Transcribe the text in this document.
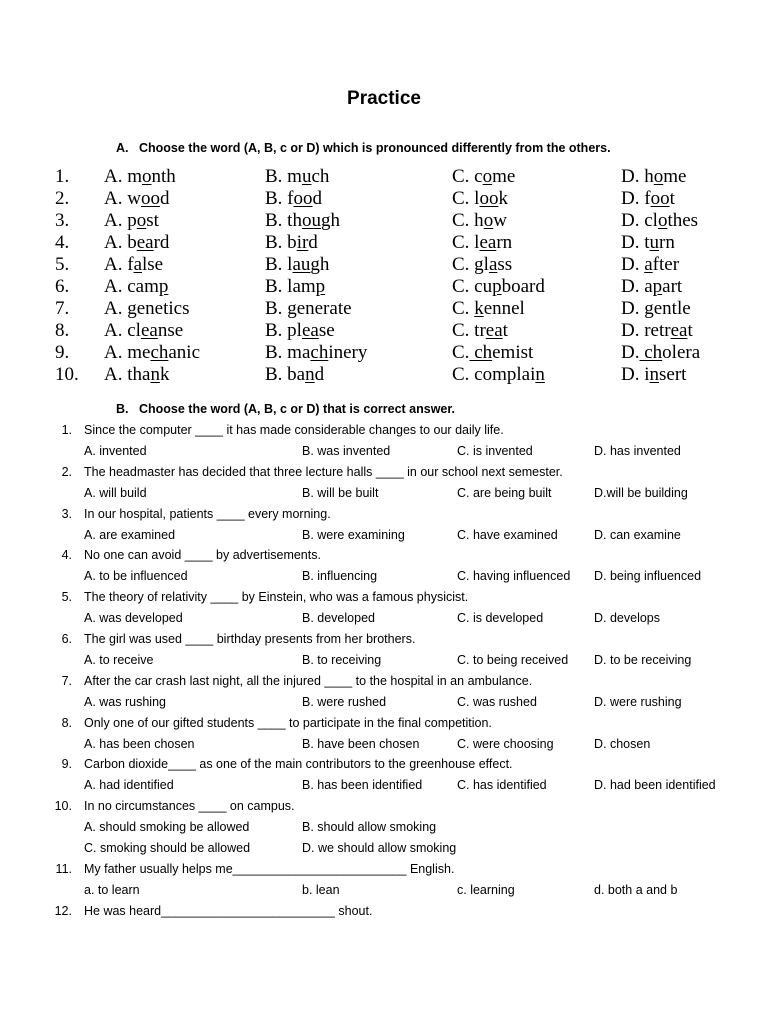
Practice
A. Choose the word (A, B, c or D) which is pronounced differently from the others.
1. A. month	B. much	C. come	D. home
2. A. wood	B. food	C. look	D. foot
3. A. post	B. though	C. how	D. clothes
4. A. beard	B. bird	C. learn	D. turn
5. A. false	B. laugh	C. glass	D. after
6. A. camp	B. lamp	C. cupboard	D. apart
7. A. genetics	B. generate	C. kennel	D. gentle
8. A. cleanse	B. please	C. treat	D. retreat
9. A. mechanic	B. machinery	C. chemist	D. cholera
10. A. thank	B. band	C. complain	D. insert
B. Choose the word (A, B, c or D) that is correct answer.
1. Since the computer ____ it has made considerable changes to our daily life.
A. invented	B. was invented	C. is invented	D. has invented
2. The headmaster has decided that three lecture halls ____ in our school next semester.
A. will build	B. will be built	C. are being built	D.will be building
3. In our hospital, patients ____ every morning.
A. are examined	B. were examining	C. have examined	D. can examine
4. No one can avoid ____ by advertisements.
A. to be influenced	B. influencing	C. having influenced D. being influenced
5. The theory of relativity ____ by Einstein, who was a famous physicist.
A. was developed	B. developed	C. is developed	D. develops
6. The girl was used ____ birthday presents from her brothers.
A. to receive	B. to receiving	C. to being received D. to be receiving
7. After the car crash last night, all the injured ____ to the hospital in an ambulance.
A. was rushing	B. were rushed	C. was rushed	D. were rushing
8. Only one of our gifted students ____ to participate in the final competition.
A. has been chosen	B. have been chosen	C. were choosing	D. chosen
9. Carbon dioxide____ as one of the main contributors to the greenhouse effect.
A. had identified	B. has been identified	C. has identified	D. had been identified
10. In no circumstances ____ on campus.
A. should smoking be allowed	B. should allow smoking
C. smoking should be allowed	D. we should allow smoking
11. My father usually helps me_________________________ English.
a. to learn	b. lean	c. learning	d. both a and b
12. He was heard_________________________ shout.
